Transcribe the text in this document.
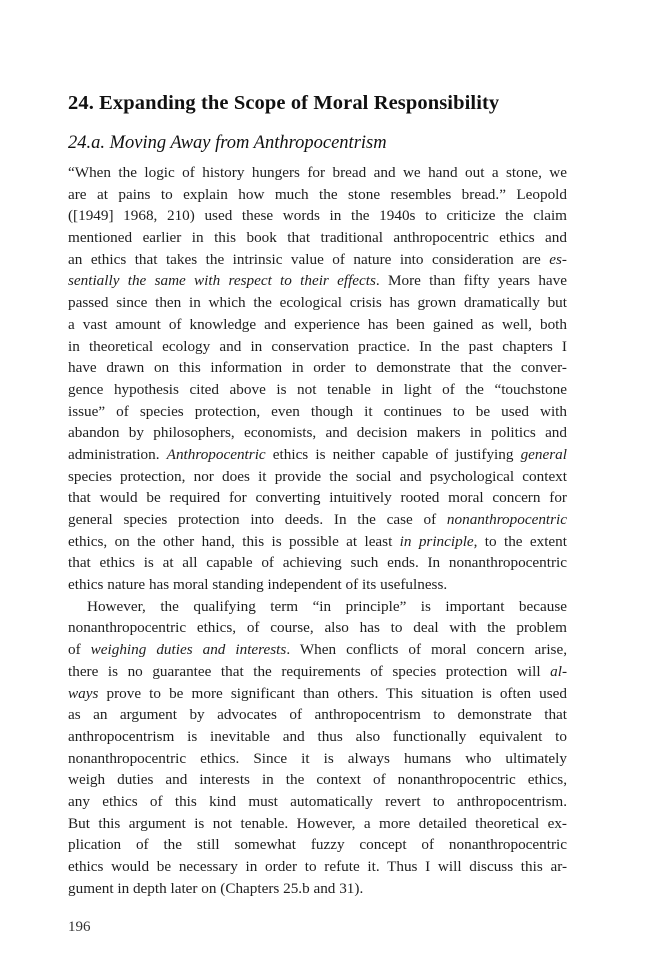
24. Expanding the Scope of Moral Responsibility
24.a. Moving Away from Anthropocentrism
“When the logic of history hungers for bread and we hand out a stone, we
are at pains to explain how much the stone resembles bread.” Leopold
([1949] 1968, 210) used these words in the 1940s to criticize the claim
mentioned earlier in this book that traditional anthropocentric ethics and
an ethics that takes the intrinsic value of nature into consideration are es-
sentially the same with respect to their effects. More than fifty years have
passed since then in which the ecological crisis has grown dramatically but
a vast amount of knowledge and experience has been gained as well, both
in theoretical ecology and in conservation practice. In the past chapters I
have drawn on this information in order to demonstrate that the conver-
gence hypothesis cited above is not tenable in light of the “touchstone
issue” of species protection, even though it continues to be used with
abandon by philosophers, economists, and decision makers in politics and
administration. Anthropocentric ethics is neither capable of justifying general
species protection, nor does it provide the social and psychological context
that would be required for converting intuitively rooted moral concern for
general species protection into deeds. In the case of nonanthropocentric
ethics, on the other hand, this is possible at least in principle, to the extent
that ethics is at all capable of achieving such ends. In nonanthropocentric
ethics nature has moral standing independent of its usefulness.
However, the qualifying term “in principle” is important because
nonanthropocentric ethics, of course, also has to deal with the problem
of weighing duties and interests. When conflicts of moral concern arise,
there is no guarantee that the requirements of species protection will al-
ways prove to be more significant than others. This situation is often used
as an argument by advocates of anthropocentrism to demonstrate that
anthropocentrism is inevitable and thus also functionally equivalent to
nonanthropocentric ethics. Since it is always humans who ultimately
weigh duties and interests in the context of nonanthropocentric ethics,
any ethics of this kind must automatically revert to anthropocentrism.
But this argument is not tenable. However, a more detailed theoretical ex-
plication of the still somewhat fuzzy concept of nonanthropocentric
ethics would be necessary in order to refute it. Thus I will discuss this ar-
gument in depth later on (Chapters 25.b and 31).
196
